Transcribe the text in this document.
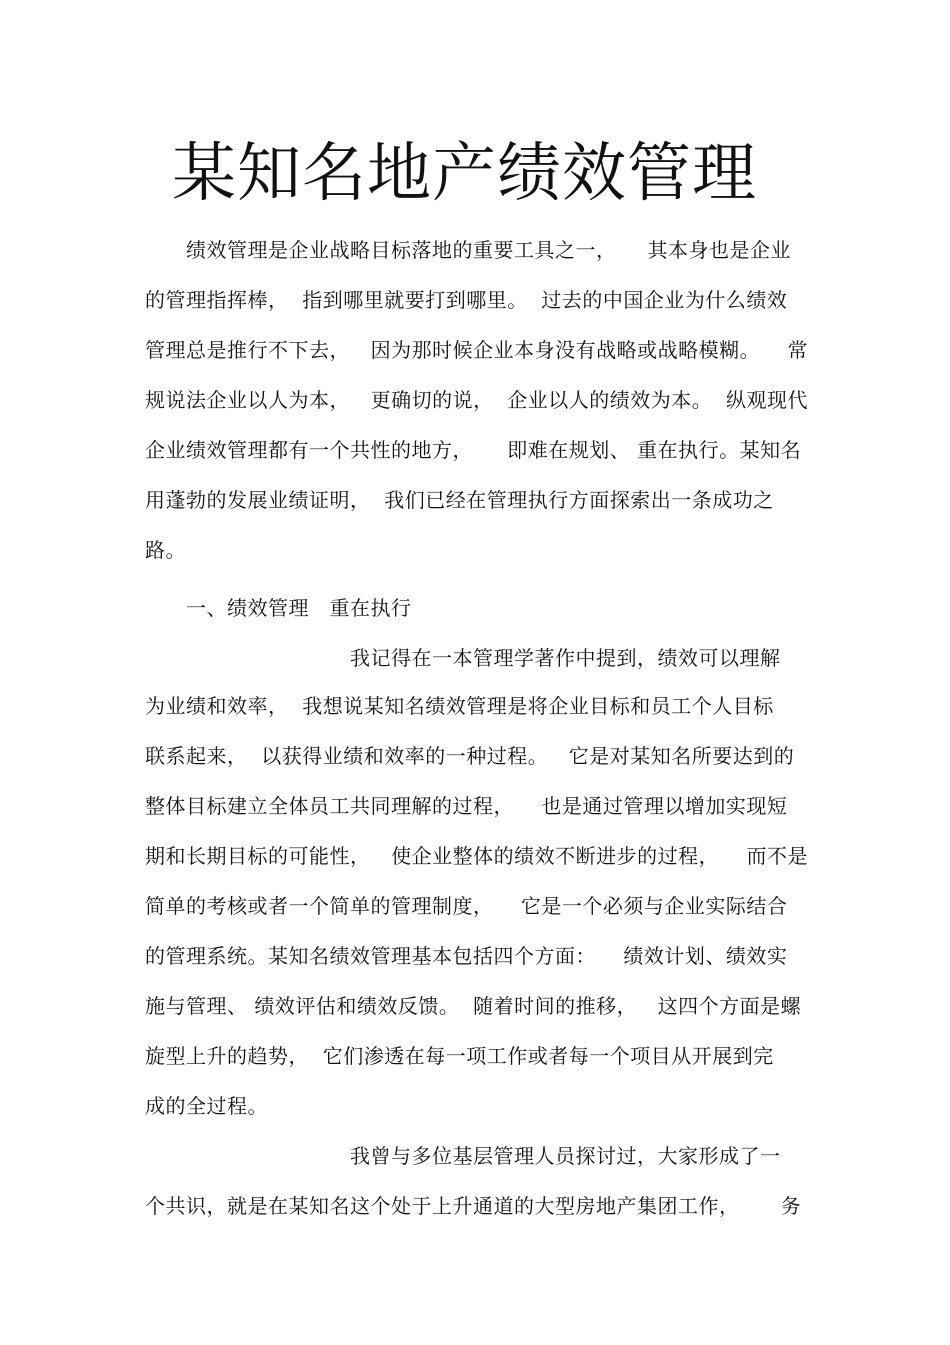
某知名地产绩效管理
　　绩效管理是企业战略目标落地的重要工具之一，　　其本身也是企业
的管理指挥棒，  指到哪里就要打到哪里。  过去的中国企业为什么绩效
管理总是推行不下去，   因为那时候企业本身没有战略或战略模糊。    常
规说法企业以人为本，   更确切的说，  企业以人的绩效为本。  纵观现代
企业绩效管理都有一个共性的地方，     即难在规划、 重在执行。某知名
用蓬勃的发展业绩证明，  我们已经在管理执行方面探索出一条成功之
路。
　　一、绩效管理　重在执行
　　　　　　　　　　我记得在一本管理学著作中提到，绩效可以理解
为业绩和效率，  我想说某知名绩效管理是将企业目标和员工个人目标
联系起来，  以获得业绩和效率的一种过程。   它是对某知名所要达到的
整体目标建立全体员工共同理解的过程，    也是通过管理以增加实现短
期和长期目标的可能性，   使企业整体的绩效不断进步的过程，    而不是
简单的考核或者一个简单的管理制度，    它是一个必须与企业实际结合
的管理系统。某知名绩效管理基本包括四个方面：    绩效计划、绩效实
施与管理、 绩效评估和绩效反馈。  随着时间的推移，   这四个方面是螺
旋型上升的趋势，  它们渗透在每一项工作或者每一个项目从开展到完
成的全过程。
　　　　　　　　　　我曾与多位基层管理人员探讨过，大家形成了一
个共识，就是在某知名这个处于上升通道的大型房地产集团工作，      务
